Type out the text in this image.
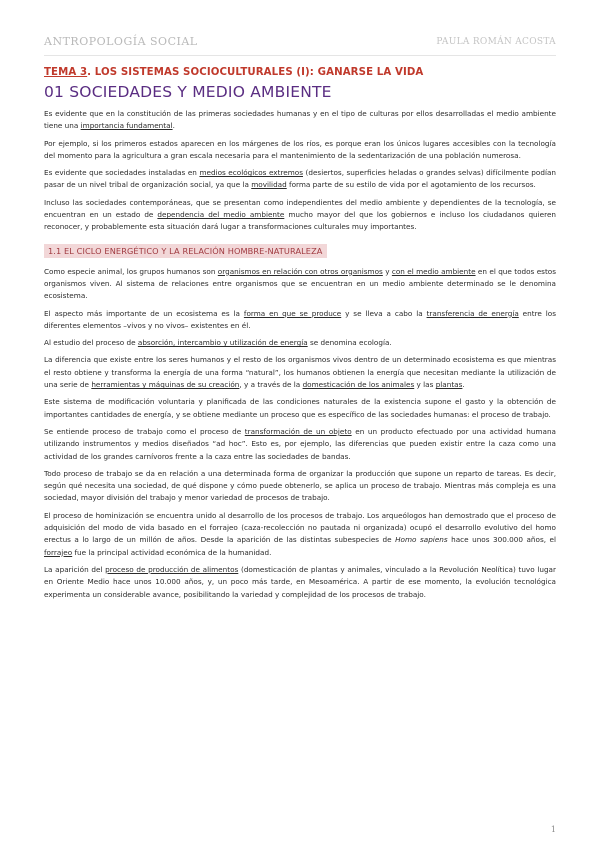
ANTROPOLOGÍA SOCIAL	PAULA ROMÁN ACOSTA
TEMA 3. LOS SISTEMAS SOCIOCULTURALES (I): GANARSE LA VIDA
01 SOCIEDADES Y MEDIO AMBIENTE

Es evidente que en la constitución de las primeras sociedades humanas y en el tipo de culturas por ellos desarrolladas el medio ambiente tiene una importancia fundamental.

Por ejemplo, si los primeros estados aparecen en los márgenes de los ríos, es porque eran los únicos lugares accesibles con la tecnología del momento para la agricultura a gran escala necesaria para el mantenimiento de la sedentarización de una población numerosa.

Es evidente que sociedades instaladas en medios ecológicos extremos (desiertos, superficies heladas o grandes selvas) difícilmente podían pasar de un nivel tribal de organización social, ya que la movilidad forma parte de su estilo de vida por el agotamiento de los recursos.

Incluso las sociedades contemporáneas, que se presentan como independientes del medio ambiente y dependientes de la tecnología, se encuentran en un estado de dependencia del medio ambiente mucho mayor del que los gobiernos e incluso los ciudadanos quieren reconocer, y probablemente esta situación dará lugar a transformaciones culturales muy importantes.

1.1 EL CICLO ENERGÉTICO Y LA RELACIÓN HOMBRE-NATURALEZA

Como especie animal, los grupos humanos son organismos en relación con otros organismos y con el medio ambiente en el que todos estos organismos viven. Al sistema de relaciones entre organismos que se encuentran en un medio ambiente determinado se le denomina ecosistema.

El aspecto más importante de un ecosistema es la forma en que se produce y se lleva a cabo la transferencia de energía entre los diferentes elementos –vivos y no vivos– existentes en él.

Al estudio del proceso de absorción, intercambio y utilización de energía se denomina ecología.

La diferencia que existe entre los seres humanos y el resto de los organismos vivos dentro de un determinado ecosistema es que mientras el resto obtiene y transforma la energía de una forma “natural”, los humanos obtienen la energía que necesitan mediante la utilización de una serie de herramientas y máquinas de su creación, y a través de la domesticación de los animales y las plantas.

Este sistema de modificación voluntaria y planificada de las condiciones naturales de la existencia supone el gasto y la obtención de importantes cantidades de energía, y se obtiene mediante un proceso que es específico de las sociedades humanas: el proceso de trabajo.

Se entiende proceso de trabajo como el proceso de transformación de un objeto en un producto efectuado por una actividad humana utilizando instrumentos y medios diseñados “ad hoc”. Esto es, por ejemplo, las diferencias que pueden existir entre la caza como una actividad de los grandes carnívoros frente a la caza entre las sociedades de bandas.

Todo proceso de trabajo se da en relación a una determinada forma de organizar la producción que supone un reparto de tareas. Es decir, según qué necesita una sociedad, de qué dispone y cómo puede obtenerlo, se aplica un proceso de trabajo. Mientras más compleja es una sociedad, mayor división del trabajo y menor variedad de procesos de trabajo.

El proceso de hominización se encuentra unido al desarrollo de los procesos de trabajo. Los arqueólogos han demostrado que el proceso de adquisición del modo de vida basado en el forrajeo (caza-recolección no pautada ni organizada) ocupó el desarrollo evolutivo del homo erectus a lo largo de un millón de años. Desde la aparición de las distintas subespecies de Homo sapiens hace unos 300.000 años, el forrajeo fue la principal actividad económica de la humanidad.

La aparición del proceso de producción de alimentos (domesticación de plantas y animales, vinculado a la Revolución Neolítica) tuvo lugar en Oriente Medio hace unos 10.000 años, y, un poco más tarde, en Mesoamérica. A partir de ese momento, la evolución tecnológica experimenta un considerable avance, posibilitando la variedad y complejidad de los procesos de trabajo.

1
